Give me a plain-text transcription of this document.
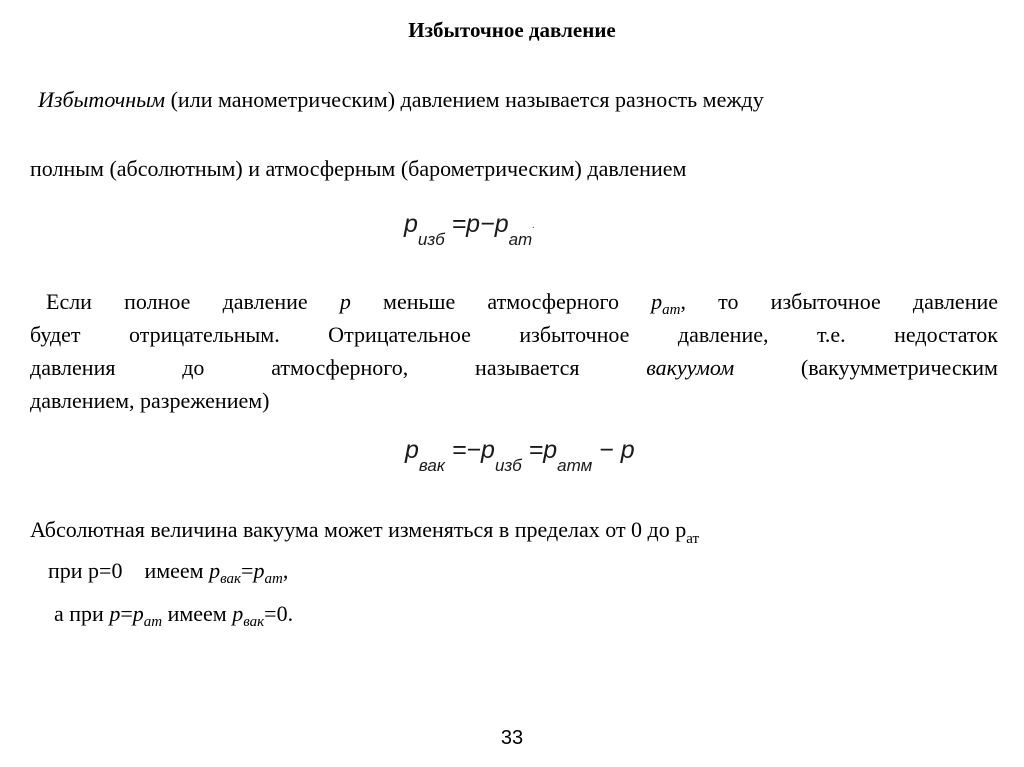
Избыточное давление
Избыточным (или манометрическим) давлением называется разность между
полным (абсолютным) и атмосферным (барометрическим) давлением
$p_{изб} =p-p_{ат}$.
Если полное давление p меньше атмосферного $p_{ат}$, то избыточное давление
будет отрицательным. Отрицательное избыточное давление, т.е. недостаток
давления до атмосферного, называется вакуумом (вакуумметрическим
давлением, разрежением)
$p_{вак} =-p_{изб} =p_{атм} - p$
Абсолютная величина вакуума может изменяться в пределах от 0 до $p_{ат}$
при p=0    имеем $p_{вак}=p_{ат}$,
а при $p=p_{ат}$ имеем $p_{вак}=0$.
33
